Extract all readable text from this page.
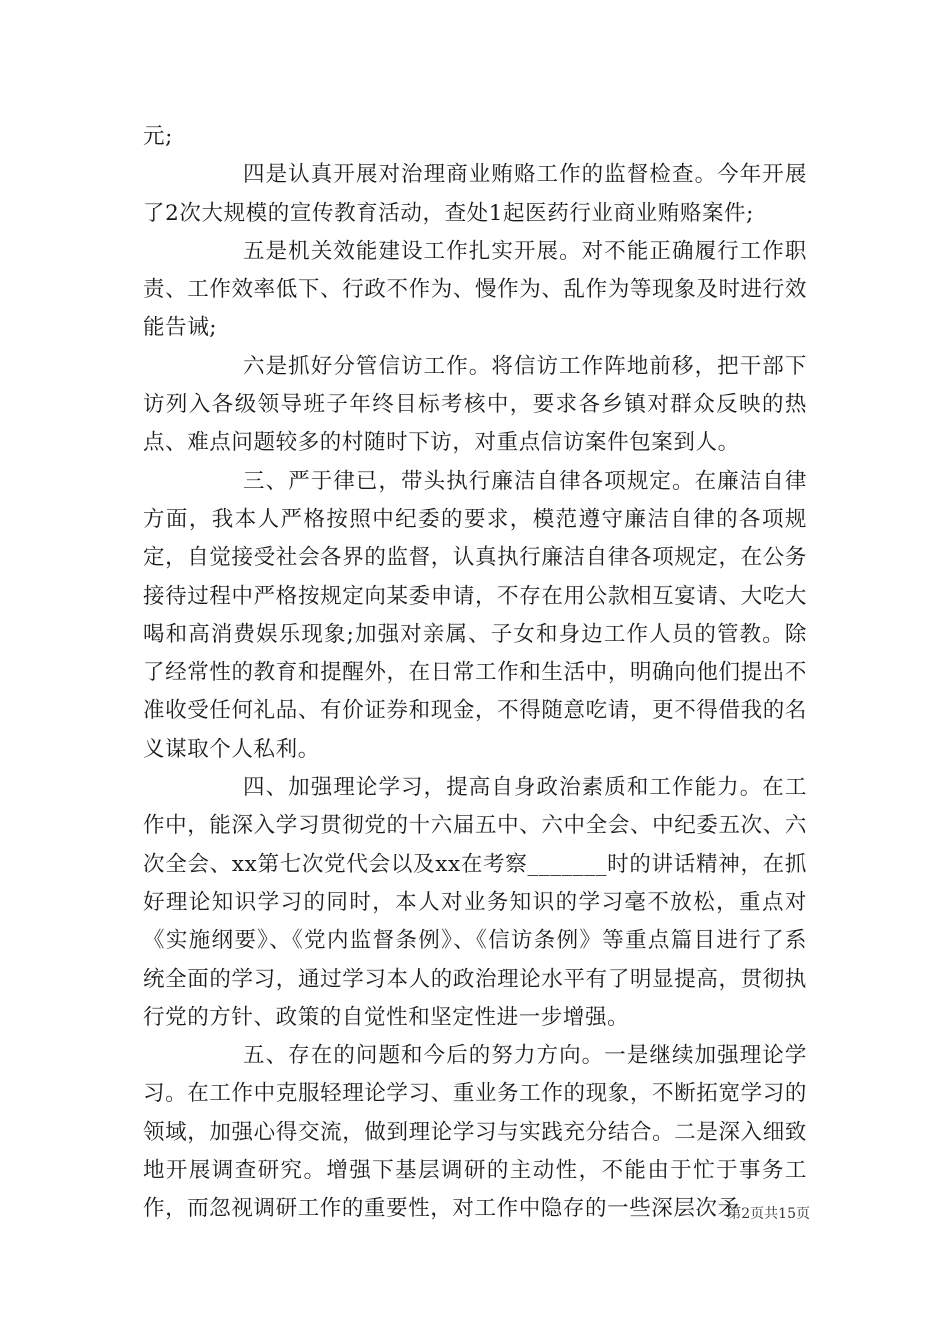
元;

四是认真开展对治理商业贿赂工作的监督检查。今年开展了2次大规模的宣传教育活动，查处1起医药行业商业贿赂案件;

五是机关效能建设工作扎实开展。对不能正确履行工作职责、工作效率低下、行政不作为、慢作为、乱作为等现象及时进行效能告诫;

六是抓好分管信访工作。将信访工作阵地前移，把干部下访列入各级领导班子年终目标考核中，要求各乡镇对群众反映的热点、难点问题较多的村随时下访，对重点信访案件包案到人。

三、严于律已，带头执行廉洁自律各项规定。在廉洁自律方面，我本人严格按照中纪委的要求，模范遵守廉洁自律的各项规定，自觉接受社会各界的监督，认真执行廉洁自律各项规定，在公务接待过程中严格按规定向某委申请，不存在用公款相互宴请、大吃大喝和高消费娱乐现象;加强对亲属、子女和身边工作人员的管教。除了经常性的教育和提醒外，在日常工作和生活中，明确向他们提出不准收受任何礼品、有价证券和现金，不得随意吃请，更不得借我的名义谋取个人私利。

四、加强理论学习，提高自身政治素质和工作能力。在工作中，能深入学习贯彻党的十六届五中、六中全会、中纪委五次、六次全会、xx第七次党代会以及xx在考察_______时的讲话精神，在抓好理论知识学习的同时，本人对业务知识的学习毫不放松，重点对《实施纲要》、《党内监督条例》、《信访条例》等重点篇目进行了系统全面的学习，通过学习本人的政治理论水平有了明显提高，贯彻执行党的方针、政策的自觉性和坚定性进一步增强。

五、存在的问题和今后的努力方向。一是继续加强理论学习。在工作中克服轻理论学习、重业务工作的现象，不断拓宽学习的领域，加强心得交流，做到理论学习与实践充分结合。二是深入细致地开展调查研究。增强下基层调研的主动性，不能由于忙于事务工作，而忽视调研工作的重要性，对工作中隐存的一些深层次矛

第2页共15页
